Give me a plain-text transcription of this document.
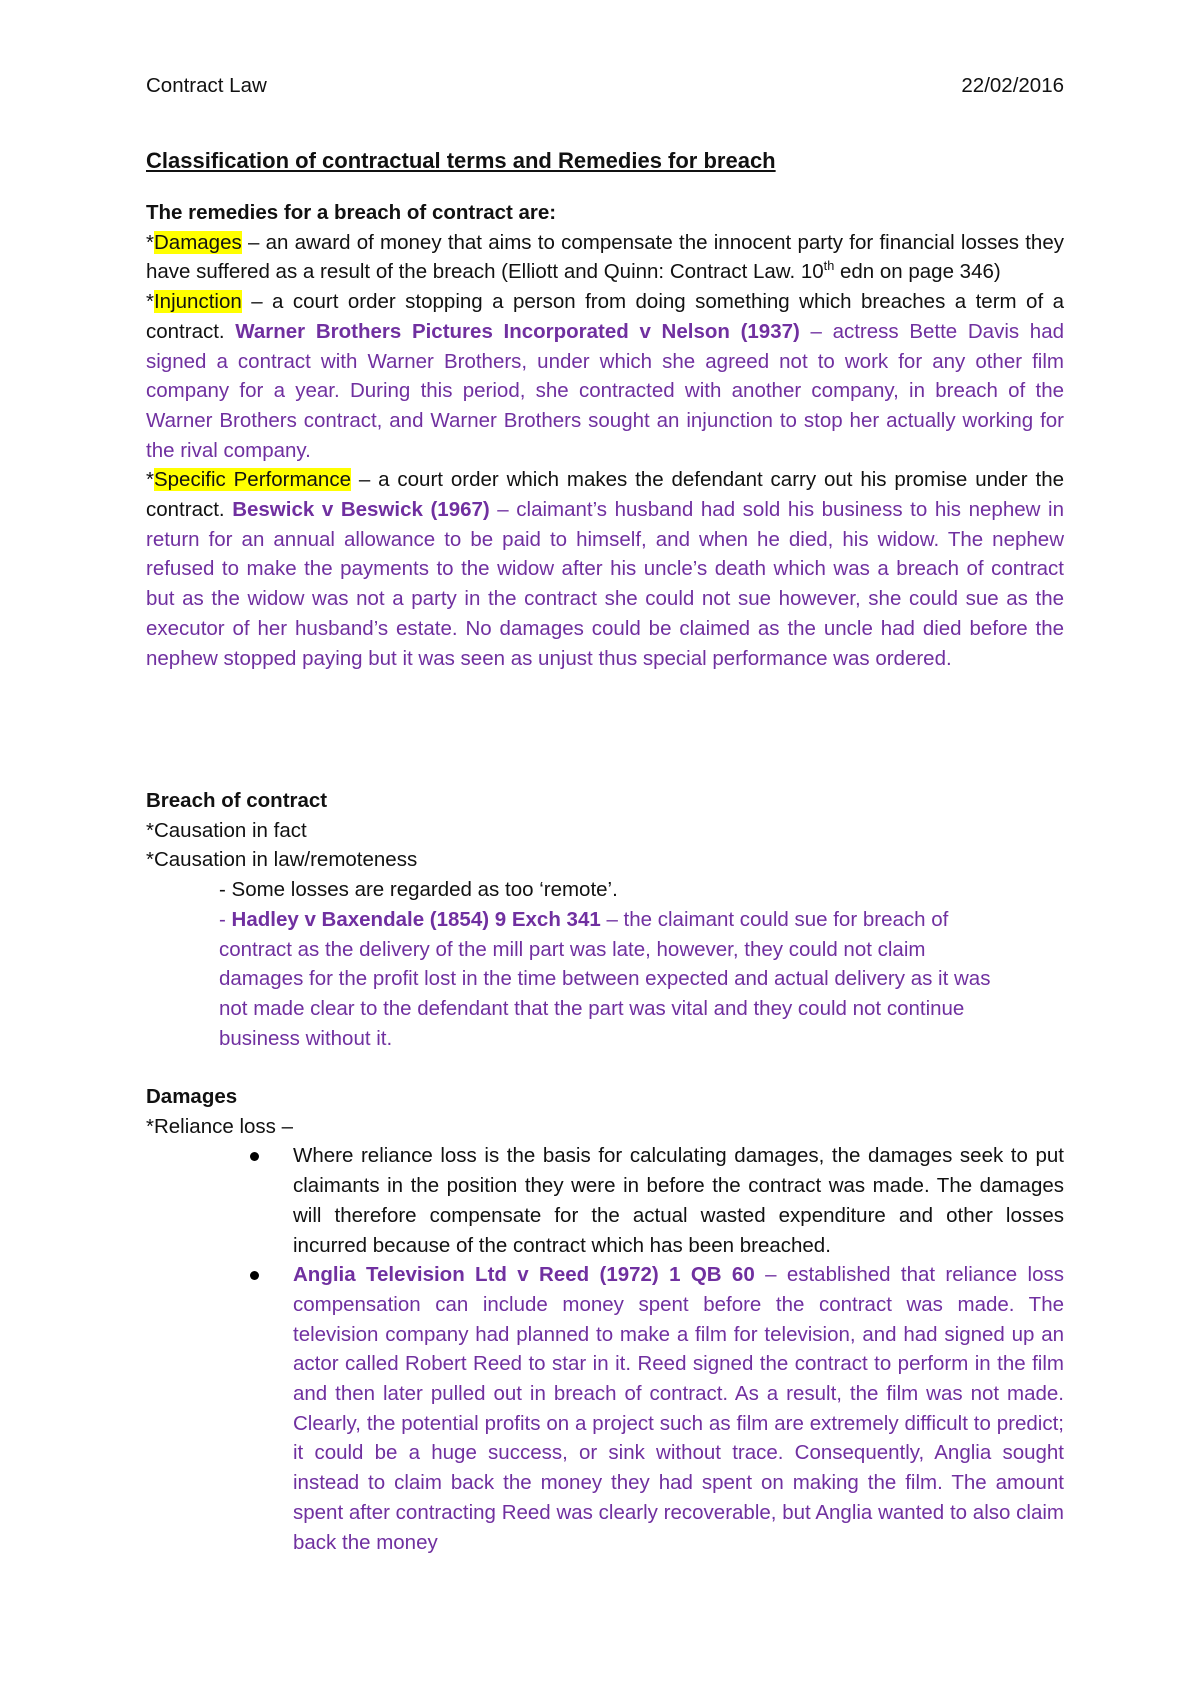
Contract Law	22/02/2016
Classification of contractual terms and Remedies for breach

The remedies for a breach of contract are:

*Damages – an award of money that aims to compensate the innocent party for financial losses they have suffered as a result of the breach (Elliott and Quinn: Contract Law. 10th edn on page 346)

*Injunction – a court order stopping a person from doing something which breaches a term of a contract. Warner Brothers Pictures Incorporated v Nelson (1937) – actress Bette Davis had signed a contract with Warner Brothers, under which she agreed not to work for any other film company for a year. During this period, she contracted with another company, in breach of the Warner Brothers contract, and Warner Brothers sought an injunction to stop her actually working for the rival company.

*Specific Performance – a court order which makes the defendant carry out his promise under the contract. Beswick v Beswick (1967) – claimant’s husband had sold his business to his nephew in return for an annual allowance to be paid to himself, and when he died, his widow. The nephew refused to make the payments to the widow after his uncle’s death which was a breach of contract but as the widow was not a party in the contract she could not sue however, she could sue as the executor of her husband’s estate. No damages could be claimed as the uncle had died before the nephew stopped paying but it was seen as unjust thus special performance was ordered.

Breach of contract

*Causation in fact

*Causation in law/remoteness

- Some losses are regarded as too ‘remote’.

- Hadley v Baxendale (1854) 9 Exch 341 – the claimant could sue for breach of contract as the delivery of the mill part was late, however, they could not claim damages for the profit lost in the time between expected and actual delivery as it was not made clear to the defendant that the part was vital and they could not continue business without it.

Damages

*Reliance loss –

Where reliance loss is the basis for calculating damages, the damages seek to put claimants in the position they were in before the contract was made. The damages will therefore compensate for the actual wasted expenditure and other losses incurred because of the contract which has been breached.
Anglia Television Ltd v Reed (1972) 1 QB 60 – established that reliance loss compensation can include money spent before the contract was made. The television company had planned to make a film for television, and had signed up an actor called Robert Reed to star in it. Reed signed the contract to perform in the film and then later pulled out in breach of contract. As a result, the film was not made. Clearly, the potential profits on a project such as film are extremely difficult to predict; it could be a huge success, or sink without trace. Consequently, Anglia sought instead to claim back the money they had spent on making the film. The amount spent after contracting Reed was clearly recoverable, but Anglia wanted to also claim back the money
